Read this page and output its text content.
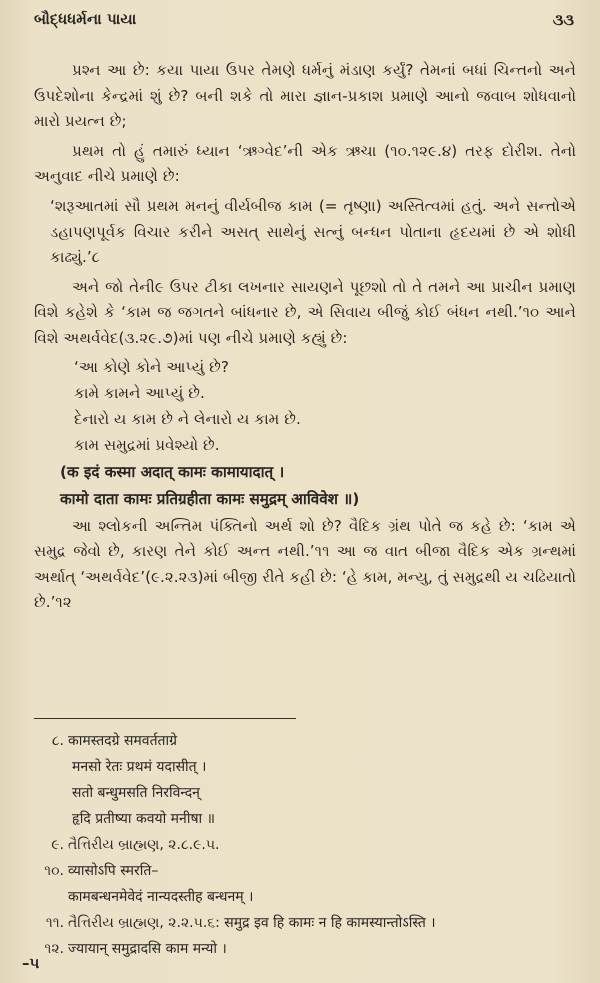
બૌદ્ધધર્મના પાયા	૩૩

પ્રશ્ન આ છે: કયા પાયા ઉપર તેમણે ધર્મનું મંડાણ કર્યું? તેમનાં બધાં ચિન્તનો અને ઉપદેશોના કેન્દ્રમાં શું છે? બની શકે તો મારા જ્ઞાન-પ્રકાશ પ્રમાણે આનો જવાબ શોધવાનો મારો પ્રયત્ન છે;

પ્રથમ તો હું તમારું ધ્યાન ‘ઋગ્વેદ’ની એક ઋચા (૧૦.૧૨૯.૪) તરફ દોરીશ. તેનો અનુવાદ નીચે પ્રમાણે છે:

‘શરૂઆતમાં સૌ પ્રથમ મનનું વીર્યબીજ કામ (= તૃષ્ણા) અસ્તિત્વમાં હતું. અને સન્તોએ ડહાપણપૂર્વક વિચાર કરીને અસત્ સાથેનું સત્નું બન્ધન પોતાના હૃદયમાં છે એ શોધી કાઢ્યું.’૮

અને જો તેની૯ ઉપર ટીકા લખનાર સાયણને પૂછશો તો તે તમને આ પ્રાચીન પ્રમાણ વિશે કહેશે કે ‘કામ જ જગતને બાંધનાર છે, એ સિવાય બીજું કોઈ બંધન નથી.’૧૦ આને વિશે અથર્વવેદ(૩.૨૯.૭)માં પણ નીચે પ્રમાણે કહ્યું છે:

‘આ કોણે કોને આપ્યું છે?
કામે કામને આપ્યું છે.
દેનારો ય કામ છે ને લેનારો ય કામ છે.
કામ સમુદ્રમાં પ્રવેશ્યો છે.
(क इदं कस्मा अदात् कामः कामायादात् ।
कामो दाता कामः प्रतिग्रहीता कामः समुद्रम् आविवेश ॥)

આ શ્લોકની અન્તિમ પંક્તિનો અર્થ શો છે? વૈદિક ગ્રંથ પોતે જ કહે છે: ‘કામ એ સમુદ્ર જેવો છે, કારણ તેને કોઈ અન્ત નથી.’૧૧ આ જ વાત બીજા વૈદિક એક ગ્રન્થમાં અર્થાત્ ‘અથર્વવેદ’(૯.૨.૨૩)માં બીજી રીતે કહી છે: ‘હે કામ, મન્યુ, તું સમુદ્રથી ય ચઢિયાતો છે.’૧૨

૮. कामस्तदग्रे समवर्तताग्रे
मनसो रेतः प्रथमं यदासीत् ।
सतो बन्धुमसति निरविन्दन्
हृदि प्रतीष्या कवयो मनीषा ॥
૯. તૈત્તિરીય બ્રાહ્મણ, ૨.૮.૯.૫.
૧૦. व्यासोऽपि स्मरति–
कामबन्धनमेवेदं नान्यदस्तीह बन्धनम् ।
૧૧. તૈત્તિરીય બ્રાહ્મણ, ૨.૨.૫.૬: समुद्र इव हि कामः न हि कामस्यान्तोऽस्ति ।
૧૨. ज्यायान् समुद्रादसि काम मन्यो ।
–૫
